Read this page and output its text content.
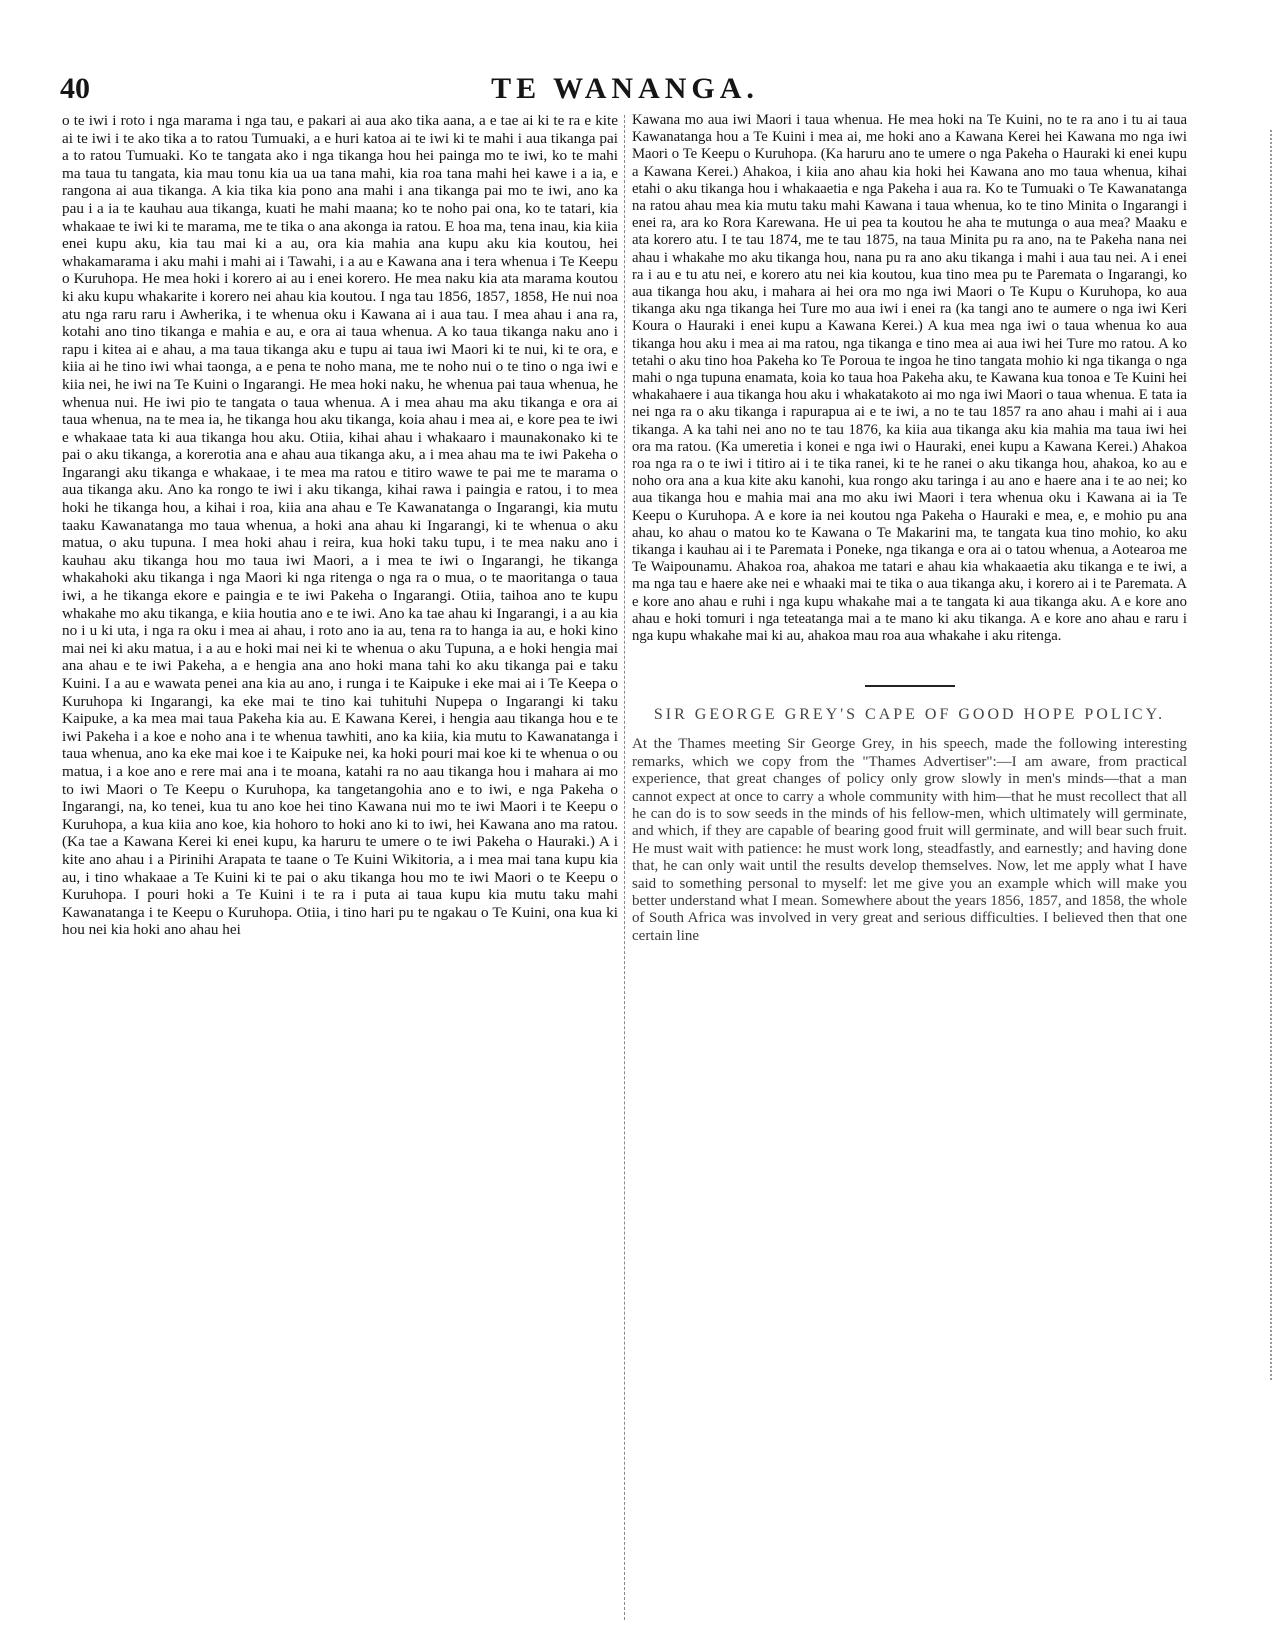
40	TE WANANGA.

o te iwi i roto i nga marama i nga tau, e pakari ai aua ako tika aana, a e tae ai ki te ra e kite ai te iwi i te ako tika a to ratou Tumuaki, a e huri katoa ai te iwi ki te mahi i aua tikanga pai a to ratou Tumuaki. Ko te tangata ako i nga tikanga hou hei painga mo te iwi, ko te mahi ma taua tu tangata, kia mau tonu kia ua ua tana mahi, kia roa tana mahi hei kawe i a ia, e rangona ai aua tikanga. A kia tika kia pono ana mahi i ana tikanga pai mo te iwi, ano ka pau i a ia te kauhau aua tikanga, kuati he mahi maana; ko te noho pai ona, ko te tatari, kia whakaae te iwi ki te marama, me te tika o ana akonga ia ratou. E hoa ma, tena inau, kia kiia enei kupu aku, kia tau mai ki a au, ora kia mahia ana kupu aku kia koutou, hei whakamarama i aku mahi i mahi ai i Tawahi, i a au e Kawana ana i tera whenua i Te Keepu o Kuruhopa. He mea hoki i korero ai au i enei korero. He mea naku kia ata marama koutou ki aku kupu whakarite i korero nei ahau kia koutou. I nga tau 1856, 1857, 1858, He nui noa atu nga raru raru i Awherika, i te whenua oku i Kawana ai i aua tau. I mea ahau i ana ra, kotahi ano tino tikanga e mahia e au, e ora ai taua whenua. A ko taua tikanga naku ano i rapu i kitea ai e ahau, a ma taua tikanga aku e tupu ai taua iwi Maori ki te nui, ki te ora, e kiia ai he tino iwi whai taonga, a e pena te noho mana, me te noho nui o te tino o nga iwi e kiia nei, he iwi na Te Kuini o Ingarangi. He mea hoki naku, he whenua pai taua whenua, he whenua nui. He iwi pio te tangata o taua whenua. A i mea ahau ma aku tikanga e ora ai taua whenua, na te mea ia, he tikanga hou aku tikanga, koia ahau i mea ai, e kore pea te iwi e whakaae tata ki aua tikanga hou aku. Otiia, kihai ahau i whakaaro i maunakonako ki te pai o aku tikanga, a korerotia ana e ahau aua tikanga aku, a i mea ahau ma te iwi Pakeha o Ingarangi aku tikanga e whakaae, i te mea ma ratou e titiro wawe te pai me te marama o aua tikanga aku. Ano ka rongo te iwi i aku tikanga, kihai rawa i paingia e ratou, i to mea hoki he tikanga hou, a kihai i roa, kiia ana ahau e Te Kawanatanga o Ingarangi, kia mutu taaku Kawanatanga mo taua whenua, a hoki ana ahau ki Ingarangi, ki te whenua o aku matua, o aku tupuna. I mea hoki ahau i reira, kua hoki taku tupu, i te mea naku ano i kauhau aku tikanga hou mo taua iwi Maori, a i mea te iwi o Ingarangi, he tikanga whakahoki aku tikanga i nga Maori ki nga ritenga o nga ra o mua, o te maoritanga o taua iwi, a he tikanga ekore e paingia e te iwi Pakeha o Ingarangi. Otiia, taihoa ano te kupu whakahe mo aku tikanga, e kiia houtia ano e te iwi. Ano ka tae ahau ki Ingarangi, i a au kia no i u ki uta, i nga ra oku i mea ai ahau, i roto ano ia au, tena ra to hanga ia au, e hoki kino mai nei ki aku matua, i a au e hoki mai nei ki te whenua o aku Tupuna, a e hoki hengia mai ana ahau e te iwi Pakeha, a e hengia ana ano hoki mana tahi ko aku tikanga pai e taku Kuini. I a au e wawata penei ana kia au ano, i runga i te Kaipuke i eke mai ai i Te Keepa o Kuruhopa ki Ingarangi, ka eke mai te tino kai tuhituhi Nupepa o Ingarangi ki taku Kaipuke, a ka mea mai taua Pakeha kia au. E Kawana Kerei, i hengia aau tikanga hou e te iwi Pakeha i a koe e noho ana i te whenua tawhiti, ano ka kiia, kia mutu to Kawanatanga i taua whenua, ano ka eke mai koe i te Kaipuke nei, ka hoki pouri mai koe ki te whenua o ou matua, i a koe ano e rere mai ana i te moana, katahi ra no aau tikanga hou i mahara ai mo to iwi Maori o Te Keepu o Kuruhopa, ka tangetangohia ano e to iwi, e nga Pakeha o Ingarangi, na, ko tenei, kua tu ano koe hei tino Kawana nui mo te iwi Maori i te Keepu o Kuruhopa, a kua kiia ano koe, kia hohoro to hoki ano ki to iwi, hei Kawana ano ma ratou. (Ka tae a Kawana Kerei ki enei kupu, ka haruru te umere o te iwi Pakeha o Hauraki.) A i kite ano ahau i a Pirinihi Arapata te taane o Te Kuini Wikitoria, a i mea mai tana kupu kia au, i tino whakaae a Te Kuini ki te pai o aku tikanga hou mo te iwi Maori o te Keepu o Kuruhopa. I pouri hoki a Te Kuini i te ra i puta ai taua kupu kia mutu taku mahi Kawanatanga i te Keepu o Kuruhopa. Otiia, i tino hari pu te ngakau o Te Kuini, ona kua ki hou nei kia hoki ano ahau hei

Kawana mo aua iwi Maori i taua whenua. He mea hoki na Te Kuini, no te ra ano i tu ai taua Kawanatanga hou a Te Kuini i mea ai, me hoki ano a Kawana Kerei hei Kawana mo nga iwi Maori o Te Keepu o Kuruhopa. (Ka haruru ano te umere o nga Pakeha o Hauraki ki enei kupu a Kawana Kerei.) Ahakoa, i kiia ano ahau kia hoki hei Kawana ano mo taua whenua, kihai etahi o aku tikanga hou i whakaaetia e nga Pakeha i aua ra. Ko te Tumuaki o Te Kawanatanga na ratou ahau mea kia mutu taku mahi Kawana i taua whenua, ko te tino Minita o Ingarangi i enei ra, ara ko Rora Karewana. He ui pea ta koutou he aha te mutunga o aua mea? Maaku e ata korero atu. I te tau 1874, me te tau 1875, na taua Minita pu ra ano, na te Pakeha nana nei ahau i whakahe mo aku tikanga hou, nana pu ra ano aku tikanga i mahi i aua tau nei. A i enei ra i au e tu atu nei, e korero atu nei kia koutou, kua tino mea pu te Paremata o Ingarangi, ko aua tikanga hou aku, i mahara ai hei ora mo nga iwi Maori o Te Kupu o Kuruhopa, ko aua tikanga aku nga tikanga hei Ture mo aua iwi i enei ra (ka tangi ano te aumere o nga iwi Keri Koura o Hauraki i enei kupu a Kawana Kerei.) A kua mea nga iwi o taua whenua ko aua tikanga hou aku i mea ai ma ratou, nga tikanga e tino mea ai aua iwi hei Ture mo ratou. A ko tetahi o aku tino hoa Pakeha ko Te Poroua te ingoa he tino tangata mohio ki nga tikanga o nga mahi o nga tupuna enamata, koia ko taua hoa Pakeha aku, te Kawana kua tonoa e Te Kuini hei whakahaere i aua tikanga hou aku i whakatakoto ai mo nga iwi Maori o taua whenua. E tata ia nei nga ra o aku tikanga i rapurapua ai e te iwi, a no te tau 1857 ra ano ahau i mahi ai i aua tikanga. A ka tahi nei ano no te tau 1876, ka kiia aua tikanga aku kia mahia ma taua iwi hei ora ma ratou. (Ka umeretia i konei e nga iwi o Hauraki, enei kupu a Kawana Kerei.) Ahakoa roa nga ra o te iwi i titiro ai i te tika ranei, ki te he ranei o aku tikanga hou, ahakoa, ko au e noho ora ana a kua kite aku kanohi, kua rongo aku taringa i au ano e haere ana i te ao nei; ko aua tikanga hou e mahia mai ana mo aku iwi Maori i tera whenua oku i Kawana ai ia Te Keepu o Kuruhopa. A e kore ia nei koutou nga Pakeha o Hauraki e mea, e, e mohio pu ana ahau, ko ahau o matou ko te Kawana o Te Makarini ma, te tangata kua tino mohio, ko aku tikanga i kauhau ai i te Paremata i Poneke, nga tikanga e ora ai o tatou whenua, a Aotearoa me Te Waipounamu. Ahakoa roa, ahakoa me tatari e ahau kia whakaaetia aku tikanga e te iwi, a ma nga tau e haere ake nei e whaaki mai te tika o aua tikanga aku, i korero ai i te Paremata. A e kore ano ahau e ruhi i nga kupu whakahe mai a te tangata ki aua tikanga aku. A e kore ano ahau e hoki tomuri i nga teteatanga mai a te mano ki aku tikanga. A e kore ano ahau e raru i nga kupu whakahe mai ki au, ahakoa mau roa aua whakahe i aku ritenga.

SIR GEORGE GREY'S CAPE OF GOOD HOPE POLICY.

At the Thames meeting Sir George Grey, in his speech, made the following interesting remarks, which we copy from the "Thames Advertiser":—I am aware, from practical experience, that great changes of policy only grow slowly in men's minds—that a man cannot expect at once to carry a whole community with him—that he must recollect that all he can do is to sow seeds in the minds of his fellow-men, which ultimately will germinate, and which, if they are capable of bearing good fruit will germinate, and will bear such fruit. He must wait with patience: he must work long, steadfastly, and earnestly; and having done that, he can only wait until the results develop themselves. Now, let me apply what I have said to something personal to myself: let me give you an example which will make you better understand what I mean. Somewhere about the years 1856, 1857, and 1858, the whole of South Africa was involved in very great and serious difficulties. I believed then that one certain line
